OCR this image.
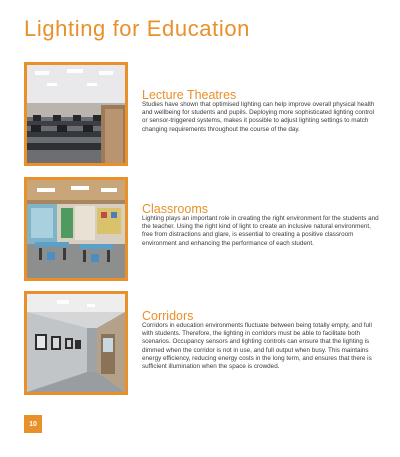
Lighting for Education
Lecture Theatres

Studies have shown that optimised lighting can help improve overall physical health and wellbeing for students and pupils. Deploying more sophisticated lighting control or sensor-triggered systems, makes it possible to adjust lighting settings to match changing requirements throughout the course of the day.

Classrooms

Lighting plays an important role in creating the right environment for the students and the teacher. Using the right kind of light to create an inclusive natural environment, free from distractions and glare, is essential to creating a positive classroom environment and enhancing the performance of each student.

Corridors

Corridors in education environments fluctuate between being totally empty, and full with students. Therefore, the lighting in corridors must be able to facilitate both scenarios. Occupancy sensors and lighting controls can ensure that the lighting is dimmed when the corridor is not in use, and full output when busy. This maintains energy efficiency, reducing energy costs in the long term, and ensures that there is sufficient illumination when the space is crowded.

10
